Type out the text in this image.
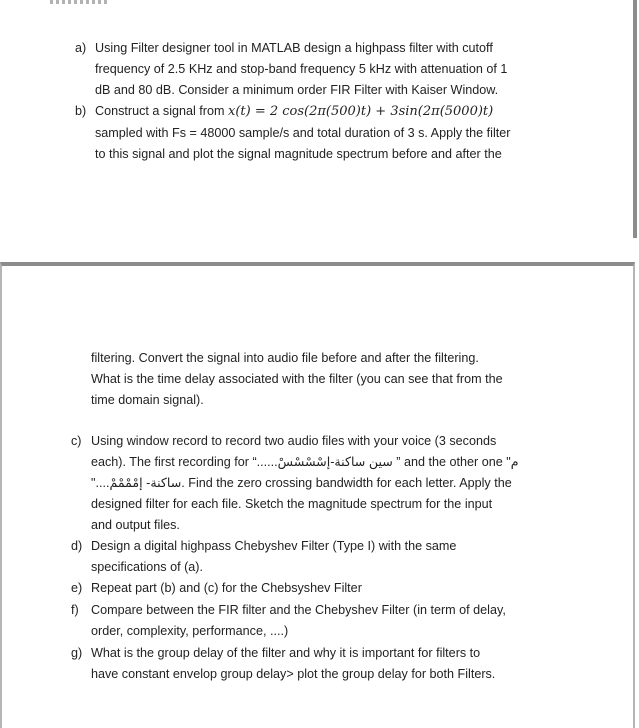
a) Using Filter designer tool in MATLAB design a highpass filter with cutoff
frequency of 2.5 KHz and stop-band frequency 5 kHz with attenuation of 1
dB and 80 dB. Consider a minimum order FIR Filter with Kaiser Window.
b) Construct a signal from x(t) = 2 cos(2π(500)t) + 3sin(2π(5000)t)
sampled with Fs = 48000 sample/s and total duration of 3 s. Apply the filter
to this signal and plot the signal magnitude spectrum before and after the
filtering. Convert the signal into audio file before and after the filtering.
What is the time delay associated with the filter (you can see that from the
time domain signal).
c) Using window record to record two audio files with your voice (3 seconds
each). The first recording for “......سين ساكنة-إسْسْسْسْ ” and the other one م"
"....ساكنة- إمْمْمْمْ. Find the zero crossing bandwidth for each letter. Apply the
designed filter for each file. Sketch the magnitude spectrum for the input
and output files.
d) Design a digital highpass Chebyshev Filter (Type I) with the same
specifications of (a).
e) Repeat part (b) and (c) for the Chebsyshev Filter
f) Compare between the FIR filter and the Chebyshev Filter (in term of delay,
order, complexity, performance, ....)
g) What is the group delay of the filter and why it is important for filters to
have constant envelop group delay> plot the group delay for both Filters.
